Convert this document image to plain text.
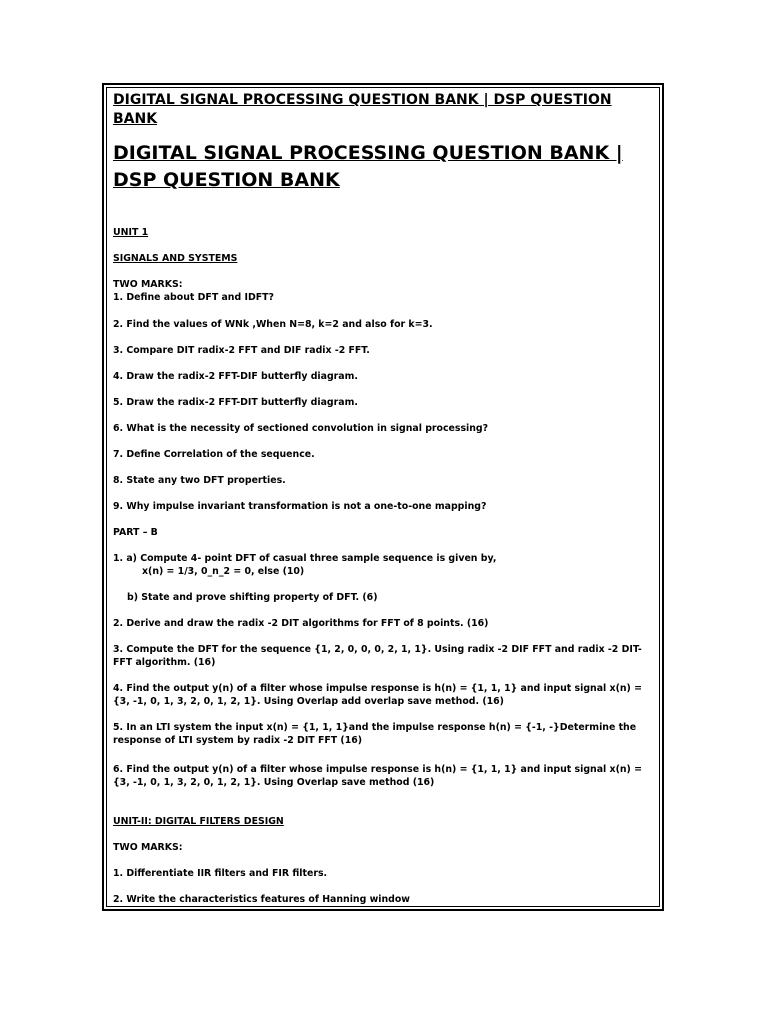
DIGITAL SIGNAL PROCESSING QUESTION BANK | DSP QUESTION
BANK
DIGITAL SIGNAL PROCESSING QUESTION BANK |
DSP QUESTION BANK
UNIT 1
SIGNALS AND SYSTEMS
TWO MARKS:
1. Define about DFT and IDFT?
2. Find the values of WNk ,When N=8, k=2 and also for k=3.
3. Compare DIT radix-2 FFT and DIF radix -2 FFT.
4. Draw the radix-2 FFT-DIF butterfly diagram.
5. Draw the radix-2 FFT-DIT butterfly diagram.
6. What is the necessity of sectioned convolution in signal processing?
7. Define Correlation of the sequence.
8. State any two DFT properties.
9. Why impulse invariant transformation is not a one-to-one mapping?
PART – B
1. a) Compute 4- point DFT of casual three sample sequence is given by,
x(n) = 1/3, 0_n_2 = 0, else (10)
b) State and prove shifting property of DFT. (6)
2. Derive and draw the radix -2 DIT algorithms for FFT of 8 points. (16)
3. Compute the DFT for the sequence {1, 2, 0, 0, 0, 2, 1, 1}. Using radix -2 DIF FFT and radix -2 DIT-
FFT algorithm. (16)
4. Find the output y(n) of a filter whose impulse response is h(n) = {1, 1, 1} and input signal x(n) =
{3, -1, 0, 1, 3, 2, 0, 1, 2, 1}. Using Overlap add overlap save method. (16)
5. In an LTI system the input x(n) = {1, 1, 1}and the impulse response h(n) = {-1, -}Determine the
response of LTI system by radix -2 DIT FFT (16)
6. Find the output y(n) of a filter whose impulse response is h(n) = {1, 1, 1} and input signal x(n) =
{3, -1, 0, 1, 3, 2, 0, 1, 2, 1}. Using Overlap save method (16)
UNIT-II: DIGITAL FILTERS DESIGN
TWO MARKS:
1. Differentiate IIR filters and FIR filters.
2. Write the characteristics features of Hanning window
